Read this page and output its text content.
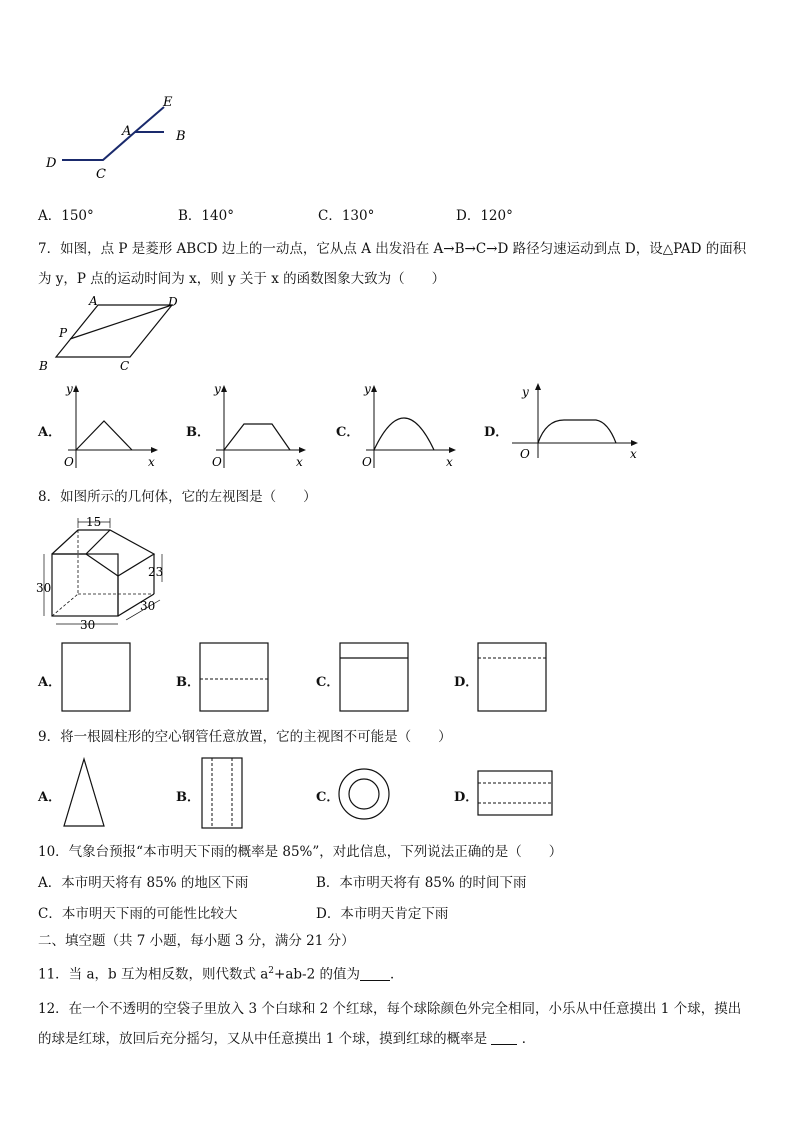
E
A	B
D
C
A．150°	B．140°	C．130°	D．120°
7．如图，点 P 是菱形 ABCD 边上的一动点，它从点 A 出发沿在 A→B→C→D 路径匀速运动到点 D，设△PAD 的面积
为 y，P 点的运动时间为 x，则 y 关于 x 的函数图象大致为（　　）
A	D
P
B	C
A．
y
O	x
B．
y
O	x
C．
y
O	x
D．
y
O	x
8．如图所示的几何体，它的左视图是（　　）
15
30
23
30
30
A．	B．	C．	D．
9．将一根圆柱形的空心钢管任意放置，它的主视图不可能是（　　）
A．	B．	C．	D．
10．气象台预报“本市明天下雨的概率是 85%”，对此信息，下列说法正确的是（　　）
A．本市明天将有 85% 的地区下雨	B．本市明天将有 85% 的时间下雨
C．本市明天下雨的可能性比较大	D．本市明天肯定下雨
二、填空题（共 7 小题，每小题 3 分，满分 21 分）
11．当 a，b 互为相反数，则代数式 $a^2+ab-2$ 的值为 ．
12．在一个不透明的空袋子里放入 3 个白球和 2 个红球，每个球除颜色外完全相同，小乐从中任意摸出 1 个球，摸出
的球是红球，放回后充分摇匀，又从中任意摸出 1 个球，摸到红球的概率是	．
